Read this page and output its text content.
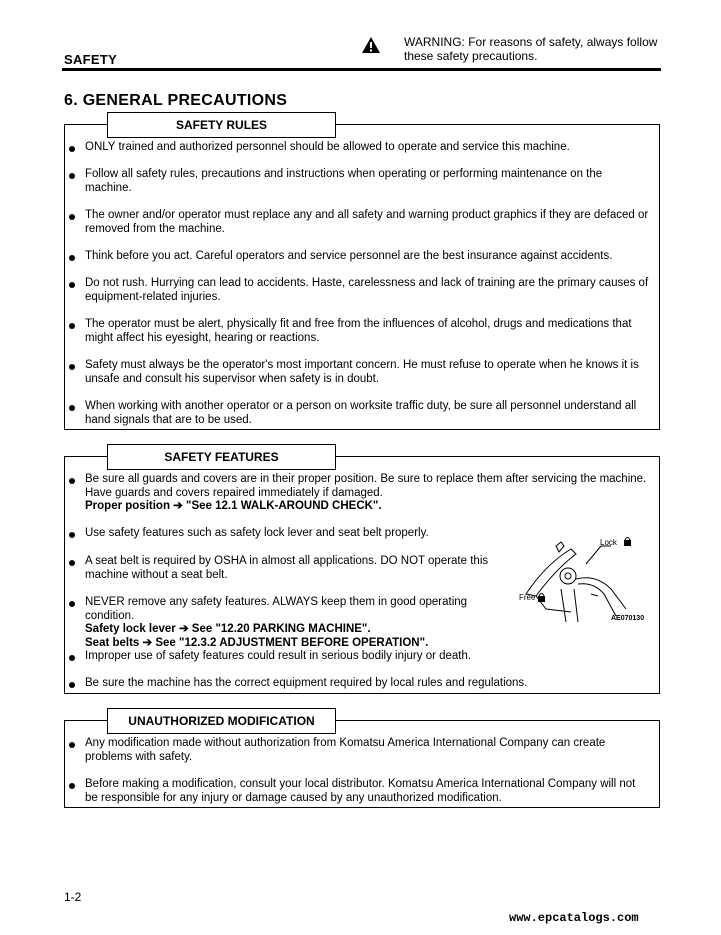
SAFETY
WARNING: For reasons of safety, always follow
these safety precautions.
6. GENERAL PRECAUTIONS
SAFETY RULES
ONLY trained and authorized personnel should be allowed to operate and service this machine.
Follow all safety rules, precautions and instructions when operating or performing maintenance on the
machine.
The owner and/or operator must replace any and all safety and warning product graphics if they are defaced or
removed from the machine.
Think before you act. Careful operators and service personnel are the best insurance against accidents.
Do not rush. Hurrying can lead to accidents. Haste, carelessness and lack of training are the primary causes of
equipment-related injuries.
The operator must be alert, physically fit and free from the influences of alcohol, drugs and medications that
might affect his eyesight, hearing or reactions.
Safety must always be the operator's most important concern. He must refuse to operate when he knows it is
unsafe and consult his supervisor when safety is in doubt.
When working with another operator or a person on worksite traffic duty, be sure all personnel understand all
hand signals that are to be used.
SAFETY FEATURES
Be sure all guards and covers are in their proper position. Be sure to replace them after servicing the machine.
Have guards and covers repaired immediately if damaged.
Proper position ➔ "See 12.1 WALK-AROUND CHECK".
Use safety features such as safety lock lever and seat belt properly.
A seat belt is required by OSHA in almost all applications. DO NOT operate this
machine without a seat belt.
NEVER remove any safety features. ALWAYS keep them in good operating
condition.
Safety lock lever ➔ See "12.20 PARKING MACHINE".
Seat belts ➔ See "12.3.2 ADJUSTMENT BEFORE OPERATION".
Improper use of safety features could result in serious bodily injury or death.
Be sure the machine has the correct equipment required by local rules and regulations.
Lock
Free
AE070130
UNAUTHORIZED MODIFICATION
Any modification made without authorization from Komatsu America International Company can create
problems with safety.
Before making a modification, consult your local distributor. Komatsu America International Company will not
be responsible for any injury or damage caused by any unauthorized modification.
1-2
www.epcatalogs.com
